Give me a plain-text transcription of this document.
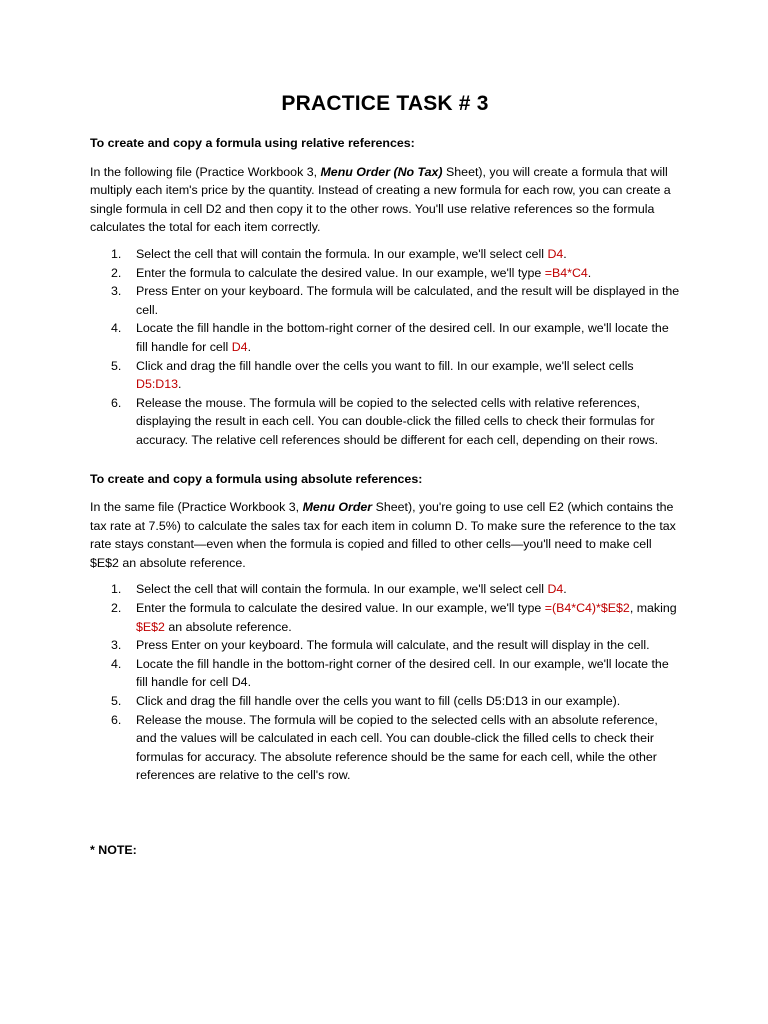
PRACTICE TASK # 3

To create and copy a formula using relative references:

In the following file (Practice Workbook 3, Menu Order (No Tax) Sheet), you will create a formula that will multiply each item's price by the quantity. Instead of creating a new formula for each row, you can create a single formula in cell D2 and then copy it to the other rows. You'll use relative references so the formula calculates the total for each item correctly.

1. Select the cell that will contain the formula. In our example, we'll select cell D4.
2. Enter the formula to calculate the desired value. In our example, we'll type =B4*C4.
3. Press Enter on your keyboard. The formula will be calculated, and the result will be displayed in the cell.
4. Locate the fill handle in the bottom-right corner of the desired cell. In our example, we'll locate the fill handle for cell D4.
5. Click and drag the fill handle over the cells you want to fill. In our example, we'll select cells D5:D13.
6. Release the mouse. The formula will be copied to the selected cells with relative references, displaying the result in each cell. You can double-click the filled cells to check their formulas for accuracy. The relative cell references should be different for each cell, depending on their rows.

To create and copy a formula using absolute references:

In the same file (Practice Workbook 3, Menu Order Sheet), you're going to use cell E2 (which contains the tax rate at 7.5%) to calculate the sales tax for each item in column D. To make sure the reference to the tax rate stays constant—even when the formula is copied and filled to other cells—you'll need to make cell $E$2 an absolute reference.

1. Select the cell that will contain the formula. In our example, we'll select cell D4.
2. Enter the formula to calculate the desired value. In our example, we'll type =(B4*C4)*$E$2, making $E$2 an absolute reference.
3. Press Enter on your keyboard. The formula will calculate, and the result will display in the cell.
4. Locate the fill handle in the bottom-right corner of the desired cell. In our example, we'll locate the fill handle for cell D4.
5. Click and drag the fill handle over the cells you want to fill (cells D5:D13 in our example).
6. Release the mouse. The formula will be copied to the selected cells with an absolute reference, and the values will be calculated in each cell. You can double-click the filled cells to check their formulas for accuracy. The absolute reference should be the same for each cell, while the other references are relative to the cell's row.

* NOTE:
